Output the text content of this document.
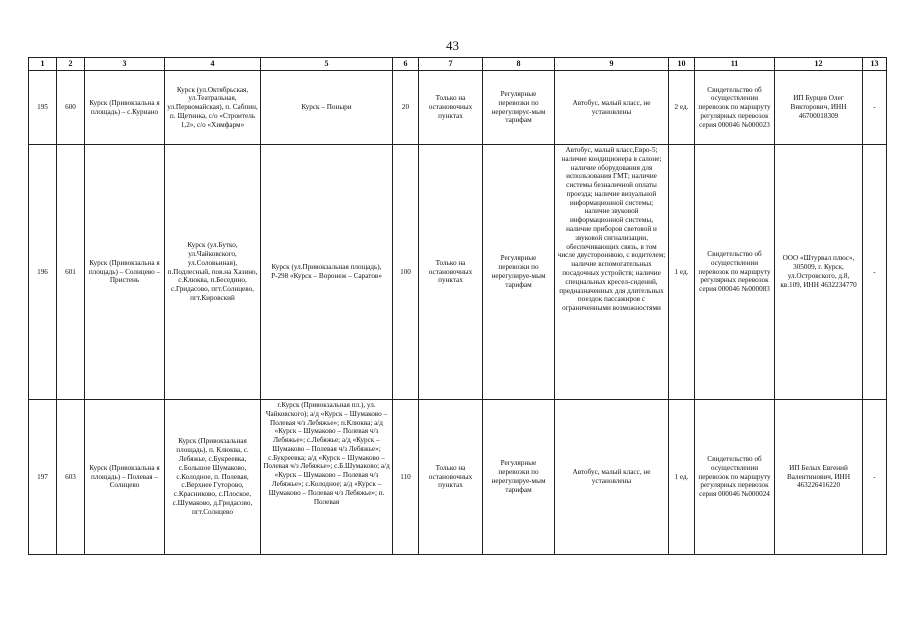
43
1	2	3	4	5	6	7	8	9	10	11	12	13
195	600	Курск (Привокзальна я площадь) – с.Куриано	Курск (ул.Октябрьская, ул.Театральная, ул.Первомайская), п. Сабпин, п. Щетинка, с/о «Строитель 1,2», с/о «Химфарм»	Курск – Поныри	20	Только на остановочных пунктах	Регулярные перевозки по нерегулирує-мым тарифам	Автобус, малый класс, не установлены	2 ед.	Свидетельство об осуществлении перевозок по маршруту регулярных перевозок серия 000046 №000023	ИП Бурцев Олег Викторович, ИНН 46700018309	-
196	601	Курск (Привокзальна я площадь) – Солнцево – Пристень	Курск (ул.Бутко, ул.Чайковского, ул.Соловьиная), п.Подлесный, пов.на Хазино, с.Клюква, п.Беседино, с.Гридасово, пгт.Солнцево, пгт.Кировский	Курск (ул.Привокзальная площадь), Р-298 «Курск – Воронеж – Саратов»	100	Только на остановочных пунктах	Регулярные перевозки по нерегулируе-мым тарифам	Автобус, малый класс,Евро-5; наличие кондиционера в салоне; наличие оборудования для использования ГМТ; наличие системы безналичной оплаты проезда; наличие визуальной информационной системы; наличие звуковой информационной системы, наличие приборов световой и звуковой сигнализации, обеспечивающих связь, в том числе двустороннюю, с водителем; наличие вспомогательных посадочных устройств; наличие специальных кресел-сидений, предназначенных для длительных поездок пассажиров с ограниченными возможностями	1 ед.	Свидетельство об осуществлении перевозок по маршруту регулярных перевозок серия 000046 №000083	ООО «Штурвал плюс», 305009, г. Курск, ул.Островского, д.8, кв.109, ИНН 4632234770	-
197	603	Курск (Привокзальна я площадь) – Полевая – Солнцево	Курск (Привокзальная площадь), п. Клюква, с. Лебяжье, с.Букреевка, с.Большое Шумаково, с.Колодное, п. Полевая, с.Верхнее Гуторово, с.Красниково, с.Плоское, с.Шумаково, д.Гридасово, пгт.Солнцево	г.Курск (Привокзальная пл.), ул. Чайковского); а/д «Курск – Шумаково – Полевая ч/з Лебяжье»; п.Клюква; а/д «Курск – Шумаково – Полевая ч/з Лебяжье»; с.Лебяжье; а/д «Курск – Шумаково – Полевая ч/з Лебяжье»; с.Букреевка; а/д «Курск – Шумаково – Полевая ч/з Лебяжье»; с.Б.Шумаково; а/д «Курск – Шумаково – Полевая ч/з Лебяжье»; с.Колодное; а/д «Курск – Шумаково – Полевая ч/з Лебяжье»; п. Полевая	110	Только на остановочных пунктах	Регулярные перевозки по нерегулируе-мым тарифам	Автобус, малый класс, не установлены	1 ед.	Свидетельство об осуществлении перевозок по маршруту регулярных перевозок серия 000046 №000024	ИП Белых Евгений Валентинович, ИНН 463226416220	-
